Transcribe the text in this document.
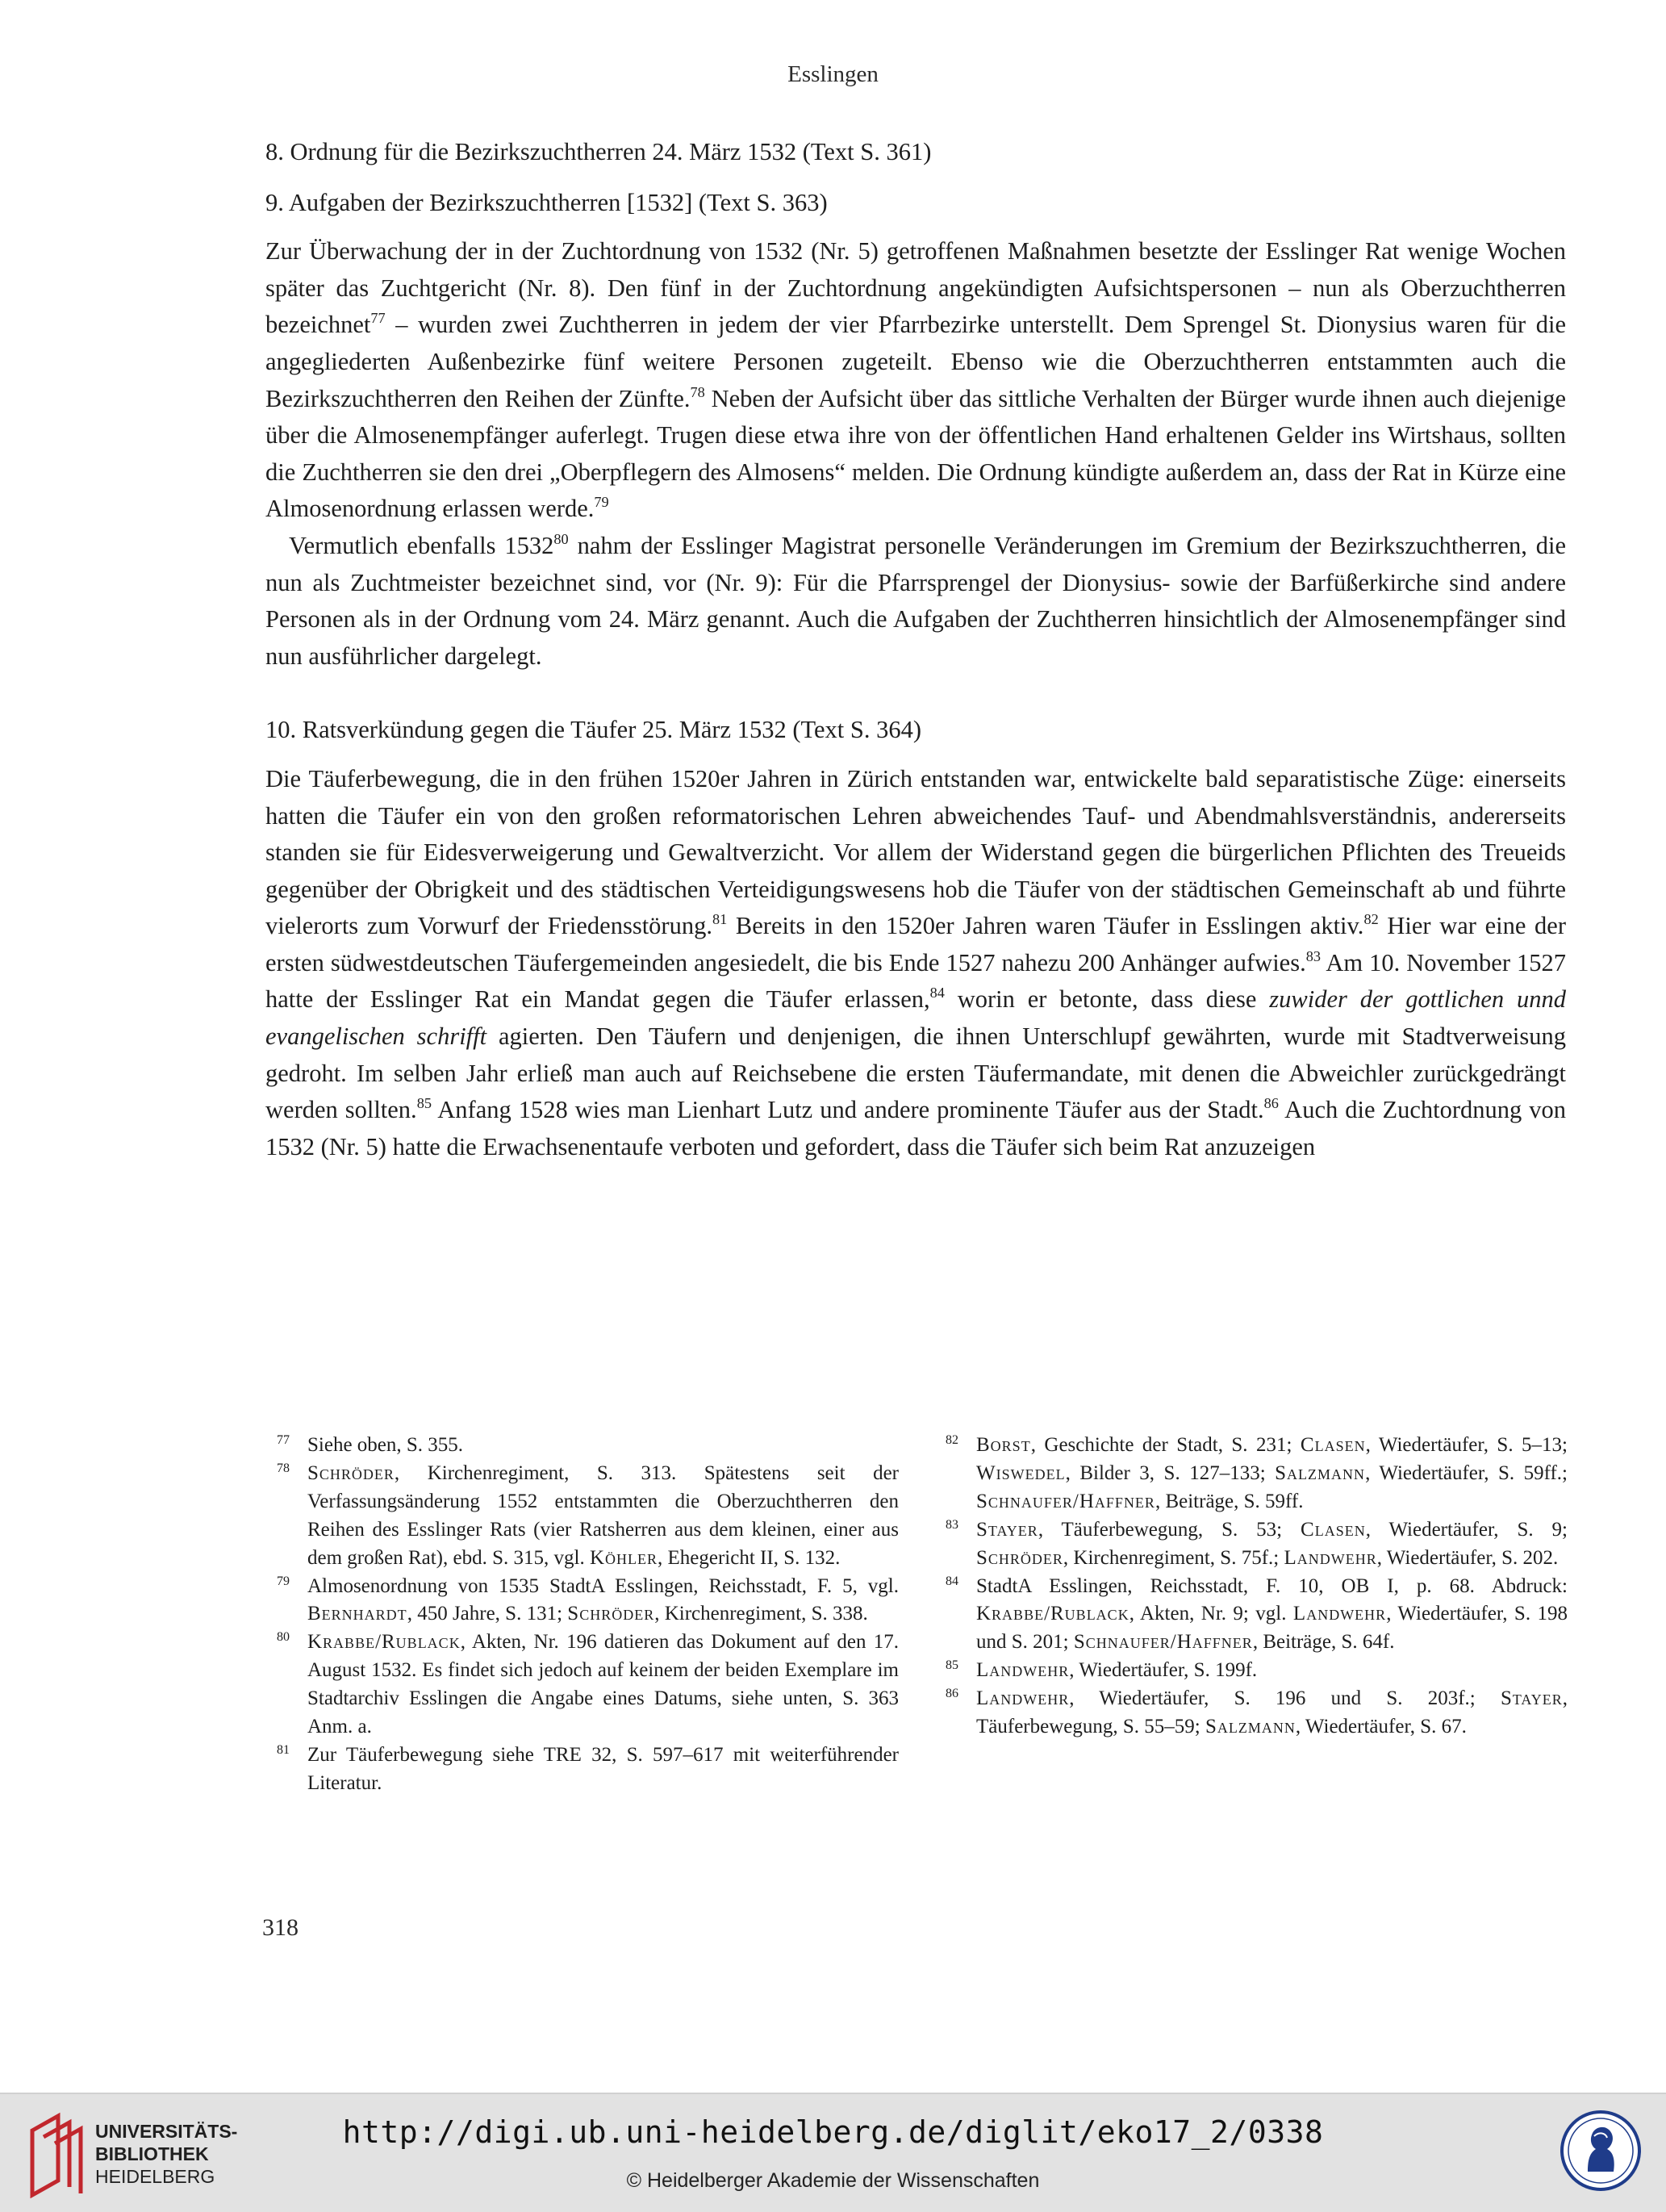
Esslingen

8. Ordnung für die Bezirkszuchtherren 24. März 1532 (Text S. 361)

9. Aufgaben der Bezirkszuchtherren [1532] (Text S. 363)

Zur Überwachung der in der Zuchtordnung von 1532 (Nr. 5) getroffenen Maßnahmen besetzte der Esslinger Rat wenige Wochen später das Zuchtgericht (Nr. 8). Den fünf in der Zuchtordnung angekündigten Aufsichtspersonen – nun als Oberzuchtherren bezeichnet$^{77}$ – wurden zwei Zuchtherren in jedem der vier Pfarrbezirke unterstellt. Dem Sprengel St. Dionysius waren für die angegliederten Außenbezirke fünf weitere Personen zugeteilt. Ebenso wie die Oberzuchtherren entstammten auch die Bezirkszuchtherren den Reihen der Zünfte.$^{78}$ Neben der Aufsicht über das sittliche Verhalten der Bürger wurde ihnen auch diejenige über die Almosenempfänger auferlegt. Trugen diese etwa ihre von der öffentlichen Hand erhaltenen Gelder ins Wirtshaus, sollten die Zuchtherren sie den drei „Oberpflegern des Almosens“ melden. Die Ordnung kündigte außerdem an, dass der Rat in Kürze eine Almosenordnung erlassen werde.$^{79}$

Vermutlich ebenfalls 1532$^{80}$ nahm der Esslinger Magistrat personelle Veränderungen im Gremium der Bezirkszuchtherren, die nun als Zuchtmeister bezeichnet sind, vor (Nr. 9): Für die Pfarrsprengel der Dionysius- sowie der Barfüßerkirche sind andere Personen als in der Ordnung vom 24. März genannt. Auch die Aufgaben der Zuchtherren hinsichtlich der Almosenempfänger sind nun ausführlicher dargelegt.

10. Ratsverkündung gegen die Täufer 25. März 1532 (Text S. 364)

Die Täuferbewegung, die in den frühen 1520er Jahren in Zürich entstanden war, entwickelte bald separatistische Züge: einerseits hatten die Täufer ein von den großen reformatorischen Lehren abweichendes Tauf- und Abendmahlsverständnis, andererseits standen sie für Eidesverweigerung und Gewaltverzicht. Vor allem der Widerstand gegen die bürgerlichen Pflichten des Treueids gegenüber der Obrigkeit und des städtischen Verteidigungswesens hob die Täufer von der städtischen Gemeinschaft ab und führte vielerorts zum Vorwurf der Friedensstörung.$^{81}$ Bereits in den 1520er Jahren waren Täufer in Esslingen aktiv.$^{82}$ Hier war eine der ersten südwestdeutschen Täufergemeinden angesiedelt, die bis Ende 1527 nahezu 200 Anhänger aufwies.$^{83}$ Am 10. November 1527 hatte der Esslinger Rat ein Mandat gegen die Täufer erlassen,$^{84}$ worin er betonte, dass diese zuwider der gottlichen unnd evangelischen schrifft agierten. Den Täufern und denjenigen, die ihnen Unterschlupf gewährten, wurde mit Stadtverweisung gedroht. Im selben Jahr erließ man auch auf Reichsebene die ersten Täufermandate, mit denen die Abweichler zurückgedrängt werden sollten.$^{85}$ Anfang 1528 wies man Lienhart Lutz und andere prominente Täufer aus der Stadt.$^{86}$ Auch die Zuchtordnung von 1532 (Nr. 5) hatte die Erwachsenentaufe verboten und gefordert, dass die Täufer sich beim Rat anzuzeigen

77 Siehe oben, S. 355.
78 Schröder, Kirchenregiment, S. 313. Spätestens seit der Verfassungsänderung 1552 entstammten die Oberzuchtherren den Reihen des Esslinger Rats (vier Ratsherren aus dem kleinen, einer aus dem großen Rat), ebd. S. 315, vgl. Köhler, Ehegericht II, S. 132.
79 Almosenordnung von 1535 StadtA Esslingen, Reichsstadt, F. 5, vgl. Bernhardt, 450 Jahre, S. 131; Schröder, Kirchenregiment, S. 338.
80 Krabbe/Rublack, Akten, Nr. 196 datieren das Dokument auf den 17. August 1532. Es findet sich jedoch auf keinem der beiden Exemplare im Stadtarchiv Esslingen die Angabe eines Datums, siehe unten, S. 363 Anm. a.
81 Zur Täuferbewegung siehe TRE 32, S. 597–617 mit weiterführender Literatur.
82 Borst, Geschichte der Stadt, S. 231; Clasen, Wiedertäufer, S. 5–13; Wiswedel, Bilder 3, S. 127–133; Salzmann, Wiedertäufer, S. 59ff.; Schnaufer/Haffner, Beiträge, S. 59ff.
83 Stayer, Täuferbewegung, S. 53; Clasen, Wiedertäufer, S. 9; Schröder, Kirchenregiment, S. 75f.; Landwehr, Wiedertäufer, S. 202.
84 StadtA Esslingen, Reichsstadt, F. 10, OB I, p. 68. Abdruck: Krabbe/Rublack, Akten, Nr. 9; vgl. Landwehr, Wiedertäufer, S. 198 und S. 201; Schnaufer/Haffner, Beiträge, S. 64f.
85 Landwehr, Wiedertäufer, S. 199f.
86 Landwehr, Wiedertäufer, S. 196 und S. 203f.; Stayer, Täuferbewegung, S. 55–59; Salzmann, Wiedertäufer, S. 67.
318
UNIVERSITÄTS-
BIBLIOTHEK
HEIDELBERG
http://digi.ub.uni-heidelberg.de/diglit/eko17_2/0338
© Heidelberger Akademie der Wissenschaften
